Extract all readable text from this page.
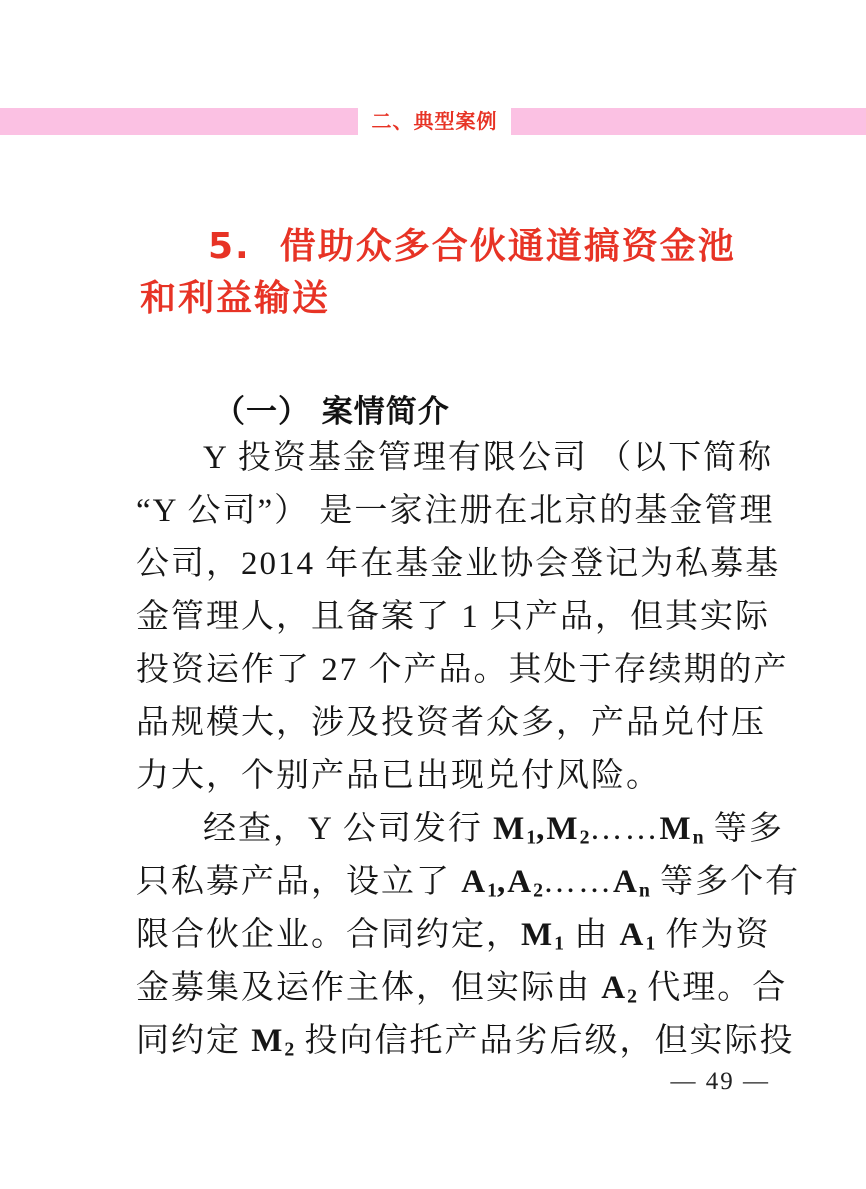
二、典型案例
5.  借助众多合伙通道搞资金池
和利益输送
（一） 案情简介
Y 投资基金管理有限公司 （以下简称
“Y 公司”） 是一家注册在北京的基金管理
公司，2014 年在基金业协会登记为私募基
金管理人，且备案了 1 只产品，但其实际
投资运作了 27 个产品。其处于存续期的产
品规模大，涉及投资者众多，产品兑付压
力大，个别产品已出现兑付风险。
经查，Y 公司发行 $M_1,M_2\dots\dots M_n$ 等多
只私募产品，设立了 $A_1,A_2\dots\dots A_n$ 等多个有
限合伙企业。合同约定，$M_1$ 由 $A_1$ 作为资
金募集及运作主体，但实际由 $A_2$ 代理。合
同约定 $M_2$ 投向信托产品劣后级，但实际投
— 49 —
